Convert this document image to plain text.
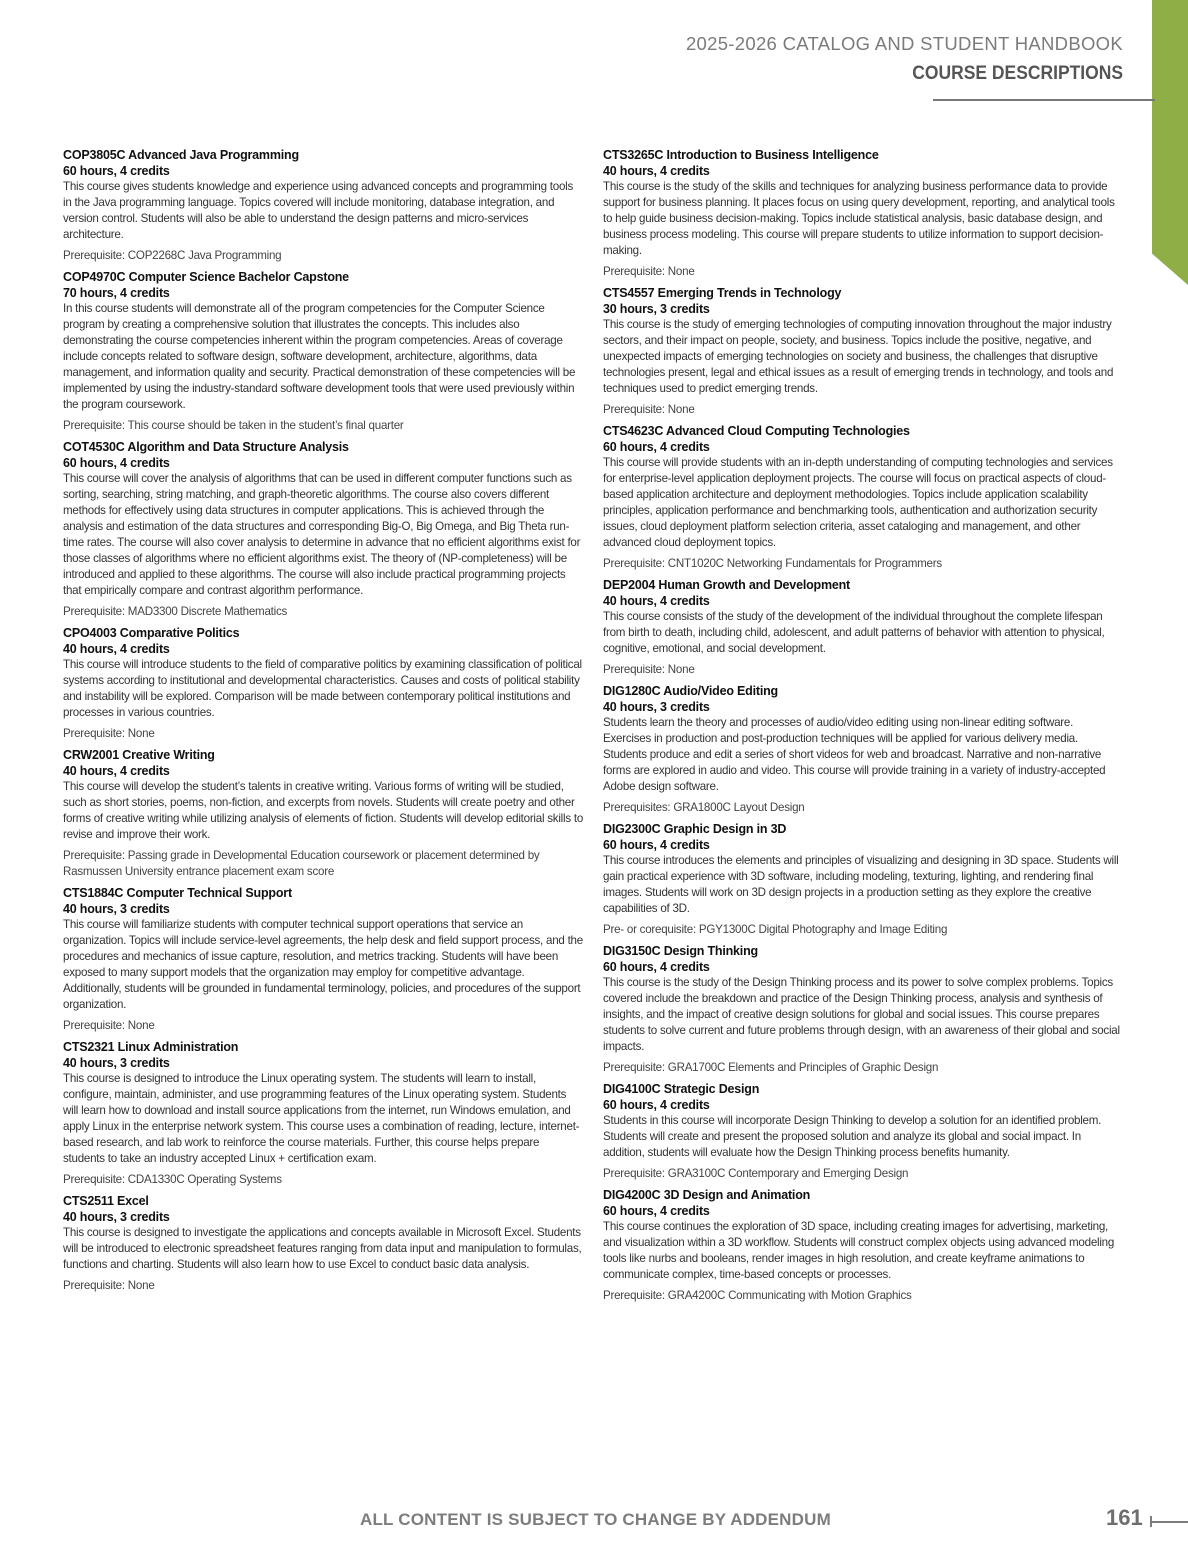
2025-2026 CATALOG AND STUDENT HANDBOOK
COURSE DESCRIPTIONS
COP3805C Advanced Java Programming
60 hours, 4 credits
This course gives students knowledge and experience using advanced concepts and programming tools in the Java programming language. Topics covered will include monitoring, database integration, and version control. Students will also be able to understand the design patterns and micro-services architecture.
Prerequisite: COP2268C Java Programming
COP4970C Computer Science Bachelor Capstone
70 hours, 4 credits
In this course students will demonstrate all of the program competencies for the Computer Science program by creating a comprehensive solution that illustrates the concepts. This includes also demonstrating the course competencies inherent within the program competencies. Areas of coverage include concepts related to software design, software development, architecture, algorithms, data management, and information quality and security. Practical demonstration of these competencies will be implemented by using the industry-standard software development tools that were used previously within the program coursework.
Prerequisite: This course should be taken in the student’s final quarter
COT4530C Algorithm and Data Structure Analysis
60 hours, 4 credits
This course will cover the analysis of algorithms that can be used in different computer functions such as sorting, searching, string matching, and graph-theoretic algorithms. The course also covers different methods for effectively using data structures in computer applications. This is achieved through the analysis and estimation of the data structures and corresponding Big-O, Big Omega, and Big Theta run-time rates. The course will also cover analysis to determine in advance that no efficient algorithms exist for those classes of algorithms where no efficient algorithms exist. The theory of (NP-completeness) will be introduced and applied to these algorithms. The course will also include practical programming projects that empirically compare and contrast algorithm performance.
Prerequisite: MAD3300 Discrete Mathematics
CPO4003 Comparative Politics
40 hours, 4 credits
This course will introduce students to the field of comparative politics by examining classification of political systems according to institutional and developmental characteristics. Causes and costs of political stability and instability will be explored. Comparison will be made between contemporary political institutions and processes in various countries.
Prerequisite: None
CRW2001 Creative Writing
40 hours, 4 credits
This course will develop the student’s talents in creative writing. Various forms of writing will be studied, such as short stories, poems, non-fiction, and excerpts from novels. Students will create poetry and other forms of creative writing while utilizing analysis of elements of fiction. Students will develop editorial skills to revise and improve their work.
Prerequisite: Passing grade in Developmental Education coursework or placement determined by Rasmussen University entrance placement exam score
CTS1884C Computer Technical Support
40 hours, 3 credits
This course will familiarize students with computer technical support operations that service an organization. Topics will include service-level agreements, the help desk and field support process, and the procedures and mechanics of issue capture, resolution, and metrics tracking. Students will have been exposed to many support models that the organization may employ for competitive advantage. Additionally, students will be grounded in fundamental terminology, policies, and procedures of the support organization.
Prerequisite: None
CTS2321 Linux Administration
40 hours, 3 credits
This course is designed to introduce the Linux operating system. The students will learn to install, configure, maintain, administer, and use programming features of the Linux operating system. Students will learn how to download and install source applications from the internet, run Windows emulation, and apply Linux in the enterprise network system. This course uses a combination of reading, lecture, internet-based research, and lab work to reinforce the course materials. Further, this course helps prepare students to take an industry accepted Linux + certification exam.
Prerequisite: CDA1330C Operating Systems
CTS2511 Excel
40 hours, 3 credits
This course is designed to investigate the applications and concepts available in Microsoft Excel. Students will be introduced to electronic spreadsheet features ranging from data input and manipulation to formulas, functions and charting. Students will also learn how to use Excel to conduct basic data analysis.
Prerequisite: None
CTS3265C Introduction to Business Intelligence
40 hours, 4 credits
This course is the study of the skills and techniques for analyzing business performance data to provide support for business planning. It places focus on using query development, reporting, and analytical tools to help guide business decision-making. Topics include statistical analysis, basic database design, and business process modeling. This course will prepare students to utilize information to support decision-making.
Prerequisite: None
CTS4557 Emerging Trends in Technology
30 hours, 3 credits
This course is the study of emerging technologies of computing innovation throughout the major industry sectors, and their impact on people, society, and business. Topics include the positive, negative, and unexpected impacts of emerging technologies on society and business, the challenges that disruptive technologies present, legal and ethical issues as a result of emerging trends in technology, and tools and techniques used to predict emerging trends.
Prerequisite: None
CTS4623C Advanced Cloud Computing Technologies
60 hours, 4 credits
This course will provide students with an in-depth understanding of computing technologies and services for enterprise-level application deployment projects. The course will focus on practical aspects of cloud-based application architecture and deployment methodologies. Topics include application scalability principles, application performance and benchmarking tools, authentication and authorization security issues, cloud deployment platform selection criteria, asset cataloging and management, and other advanced cloud deployment topics.
Prerequisite: CNT1020C Networking Fundamentals for Programmers
DEP2004 Human Growth and Development
40 hours, 4 credits
This course consists of the study of the development of the individual throughout the complete lifespan from birth to death, including child, adolescent, and adult patterns of behavior with attention to physical, cognitive, emotional, and social development.
Prerequisite: None
DIG1280C Audio/Video Editing
40 hours, 3 credits
Students learn the theory and processes of audio/video editing using non-linear editing software. Exercises in production and post-production techniques will be applied for various delivery media. Students produce and edit a series of short videos for web and broadcast. Narrative and non-narrative forms are explored in audio and video. This course will provide training in a variety of industry-accepted Adobe design software.
Prerequisites: GRA1800C Layout Design
DIG2300C Graphic Design in 3D
60 hours, 4 credits
This course introduces the elements and principles of visualizing and designing in 3D space. Students will gain practical experience with 3D software, including modeling, texturing, lighting, and rendering final images. Students will work on 3D design projects in a production setting as they explore the creative capabilities of 3D.
Pre- or corequisite: PGY1300C Digital Photography and Image Editing
DIG3150C Design Thinking
60 hours, 4 credits
This course is the study of the Design Thinking process and its power to solve complex problems. Topics covered include the breakdown and practice of the Design Thinking process, analysis and synthesis of insights, and the impact of creative design solutions for global and social issues. This course prepares students to solve current and future problems through design, with an awareness of their global and social impacts.
Prerequisite: GRA1700C Elements and Principles of Graphic Design
DIG4100C Strategic Design
60 hours, 4 credits
Students in this course will incorporate Design Thinking to develop a solution for an identified problem. Students will create and present the proposed solution and analyze its global and social impact. In addition, students will evaluate how the Design Thinking process benefits humanity.
Prerequisite: GRA3100C Contemporary and Emerging Design
DIG4200C 3D Design and Animation
60 hours, 4 credits
This course continues the exploration of 3D space, including creating images for advertising, marketing, and visualization within a 3D workflow. Students will construct complex objects using advanced modeling tools like nurbs and booleans, render images in high resolution, and create keyframe animations to communicate complex, time-based concepts or processes.
Prerequisite: GRA4200C Communicating with Motion Graphics
ALL CONTENT IS SUBJECT TO CHANGE BY ADDENDUM	161
